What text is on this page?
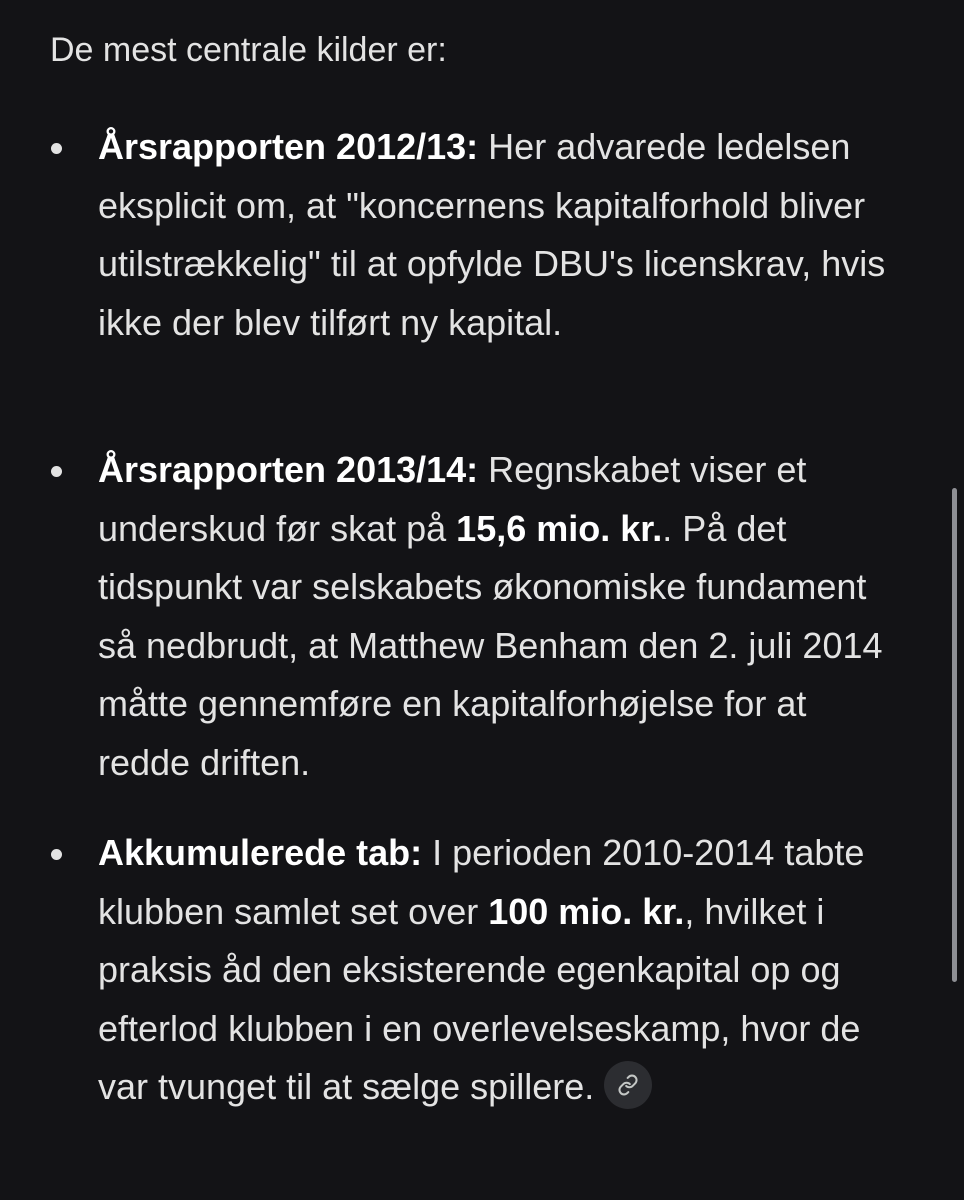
De mest centrale kilder er:
Årsrapporten 2012/13: Her advarede ledelsen eksplicit om, at "koncernens kapitalforhold bliver utilstrækkelig" til at opfylde DBU's licenskrav, hvis ikke der blev tilført ny kapital.
Årsrapporten 2013/14: Regnskabet viser et underskud før skat på 15,6 mio. kr.. På det tidspunkt var selskabets økonomiske fundament så nedbrudt, at Matthew Benham den 2. juli 2014 måtte gennemføre en kapitalforhøjelse for at redde driften.
Akkumulerede tab: I perioden 2010-2014 tabte klubben samlet set over 100 mio. kr., hvilket i praksis åd den eksisterende egenkapital op og efterlod klubben i en overlevelseskamp, hvor de var tvunget til at sælge spillere.
